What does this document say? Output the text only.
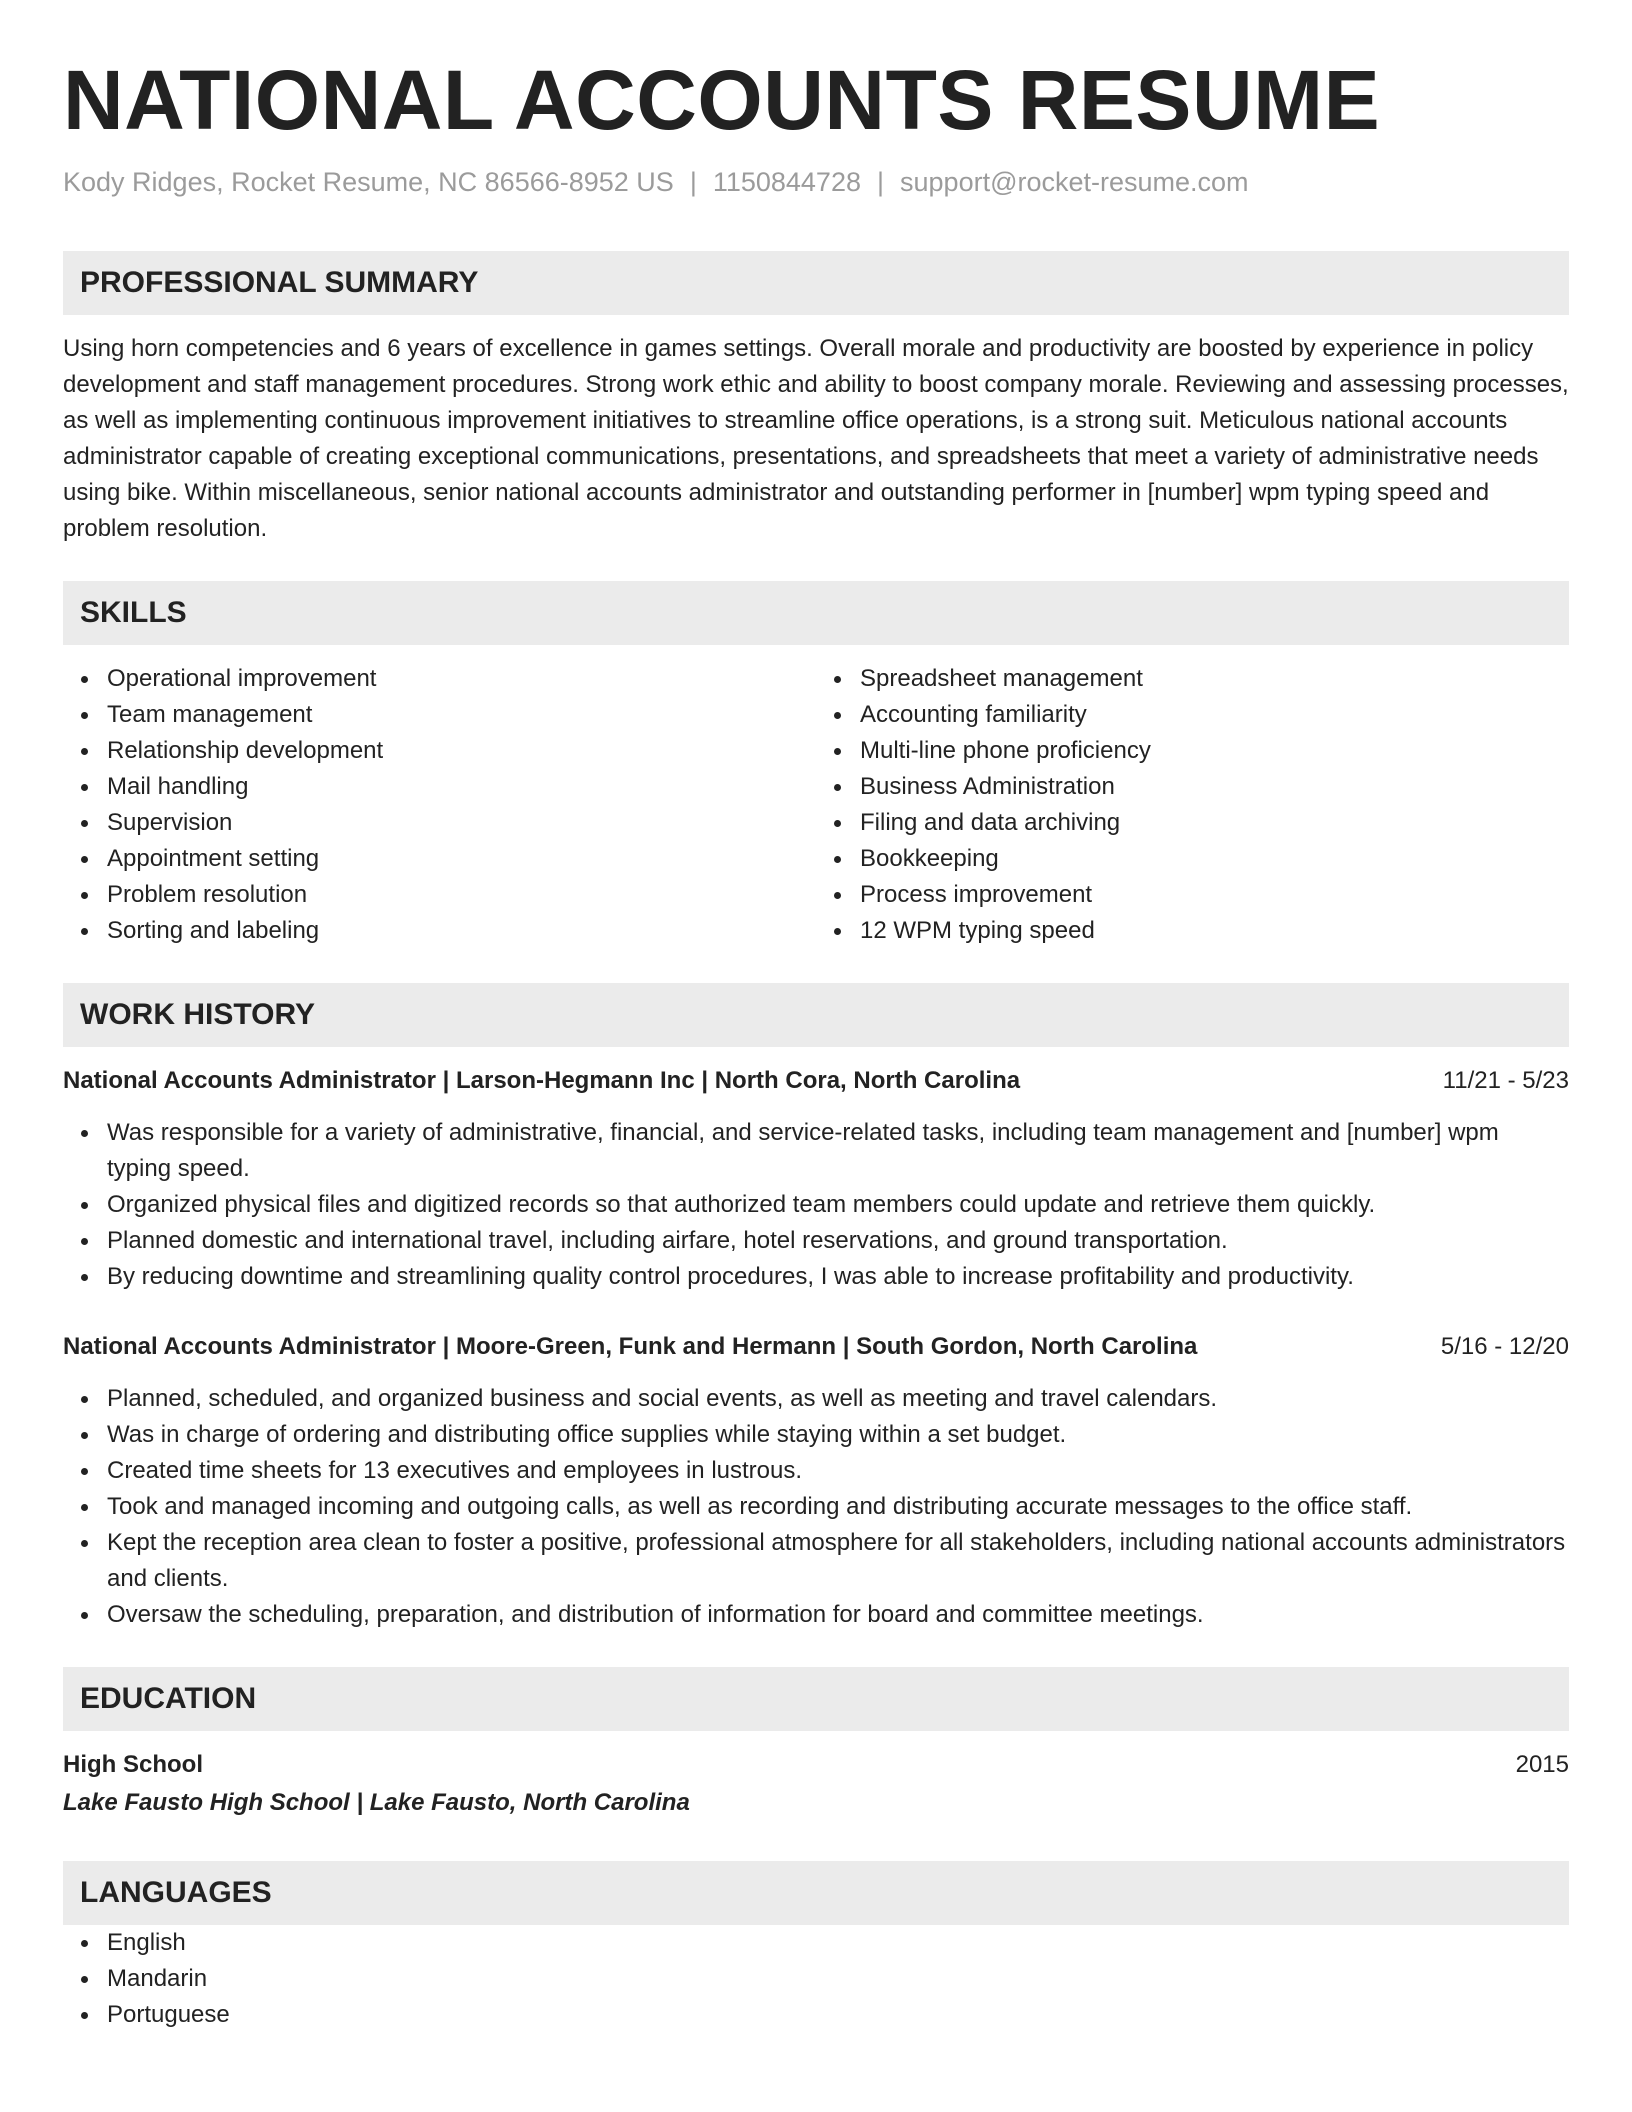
NATIONAL ACCOUNTS RESUME
Kody Ridges, Rocket Resume, NC 86566-8952 US | 1150844728 | support@rocket-resume.com
PROFESSIONAL SUMMARY
Using horn competencies and 6 years of excellence in games settings. Overall morale and productivity are boosted by experience in policy development and staff management procedures. Strong work ethic and ability to boost company morale. Reviewing and assessing processes, as well as implementing continuous improvement initiatives to streamline office operations, is a strong suit. Meticulous national accounts administrator capable of creating exceptional communications, presentations, and spreadsheets that meet a variety of administrative needs using bike. Within miscellaneous, senior national accounts administrator and outstanding performer in [number] wpm typing speed and problem resolution.
SKILLS
Operational improvement
Team management
Relationship development
Mail handling
Supervision
Appointment setting
Problem resolution
Sorting and labeling
Spreadsheet management
Accounting familiarity
Multi-line phone proficiency
Business Administration
Filing and data archiving
Bookkeeping
Process improvement
12 WPM typing speed
WORK HISTORY
National Accounts Administrator | Larson-Hegmann Inc | North Cora, North Carolina	11/21 - 5/23
Was responsible for a variety of administrative, financial, and service-related tasks, including team management and [number] wpm typing speed.
Organized physical files and digitized records so that authorized team members could update and retrieve them quickly.
Planned domestic and international travel, including airfare, hotel reservations, and ground transportation.
By reducing downtime and streamlining quality control procedures, I was able to increase profitability and productivity.
National Accounts Administrator | Moore-Green, Funk and Hermann | South Gordon, North Carolina	5/16 - 12/20
Planned, scheduled, and organized business and social events, as well as meeting and travel calendars.
Was in charge of ordering and distributing office supplies while staying within a set budget.
Created time sheets for 13 executives and employees in lustrous.
Took and managed incoming and outgoing calls, as well as recording and distributing accurate messages to the office staff.
Kept the reception area clean to foster a positive, professional atmosphere for all stakeholders, including national accounts administrators and clients.
Oversaw the scheduling, preparation, and distribution of information for board and committee meetings.
EDUCATION
High School	2015
Lake Fausto High School | Lake Fausto, North Carolina
LANGUAGES
English
Mandarin
Portuguese
